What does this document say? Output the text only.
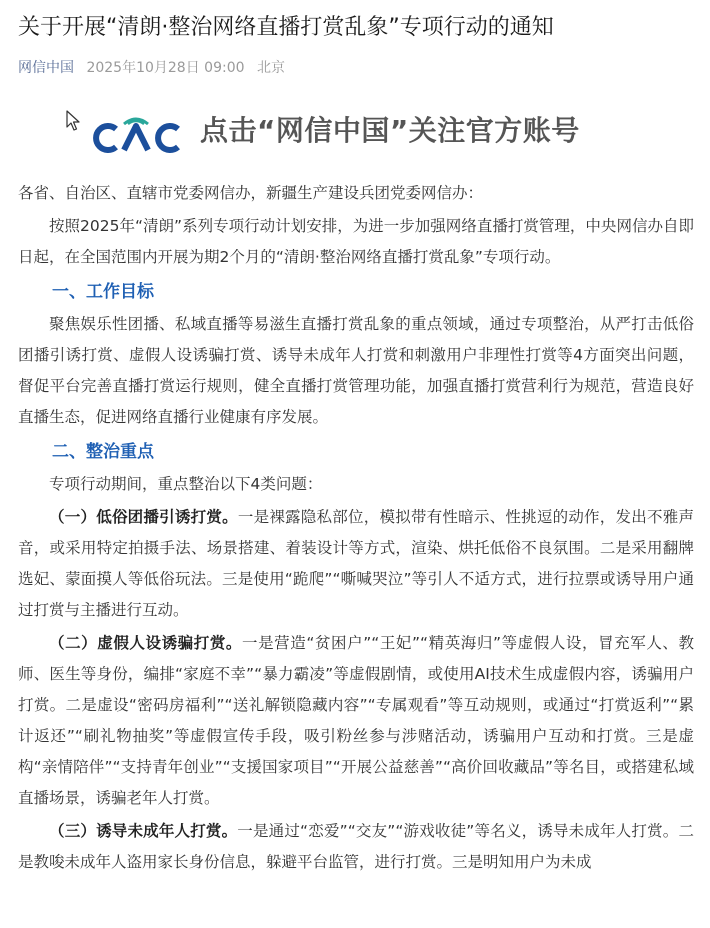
关于开展“清朗·整治网络直播打赏乱象”专项行动的通知
网信中国 2025年10月28日 09:00 北京
点击“网信中国”关注官方账号

各省、自治区、直辖市党委网信办，新疆生产建设兵团党委网信办：

按照2025年“清朗”系列专项行动计划安排，为进一步加强网络直播打赏管理，中央网信办自即日起，在全国范围内开展为期2个月的“清朗·整治网络直播打赏乱象”专项行动。

一、工作目标

聚焦娱乐性团播、私域直播等易滋生直播打赏乱象的重点领域，通过专项整治，从严打击低俗团播引诱打赏、虚假人设诱骗打赏、诱导未成年人打赏和刺激用户非理性打赏等4方面突出问题，督促平台完善直播打赏运行规则，健全直播打赏管理功能，加强直播打赏营利行为规范，营造良好直播生态，促进网络直播行业健康有序发展。

二、整治重点

专项行动期间，重点整治以下4类问题：

（一）低俗团播引诱打赏。一是裸露隐私部位，模拟带有性暗示、性挑逗的动作，发出不雅声音，或采用特定拍摄手法、场景搭建、着装设计等方式，渲染、烘托低俗不良氛围。二是采用翻牌选妃、蒙面摸人等低俗玩法。三是使用“跪爬”“嘶喊哭泣”等引人不适方式，进行拉票或诱导用户通过打赏与主播进行互动。

（二）虚假人设诱骗打赏。一是营造“贫困户”“王妃”“精英海归”等虚假人设，冒充军人、教师、医生等身份，编排“家庭不幸”“暴力霸凌”等虚假剧情，或使用AI技术生成虚假内容，诱骗用户打赏。二是虚设“密码房福利”“送礼解锁隐藏内容”“专属观看”等互动规则，或通过“打赏返利”“累计返还”“刷礼物抽奖”等虚假宣传手段，吸引粉丝参与涉赌活动，诱骗用户互动和打赏。三是虚构“亲情陪伴”“支持青年创业”“支援国家项目”“开展公益慈善”“高价回收藏品”等名目，或搭建私域直播场景，诱骗老年人打赏。

（三）诱导未成年人打赏。一是通过“恋爱”“交友”“游戏收徒”等名义，诱导未成年人打赏。二是教唆未成年人盗用家长身份信息，躲避平台监管，进行打赏。三是明知用户为未成
